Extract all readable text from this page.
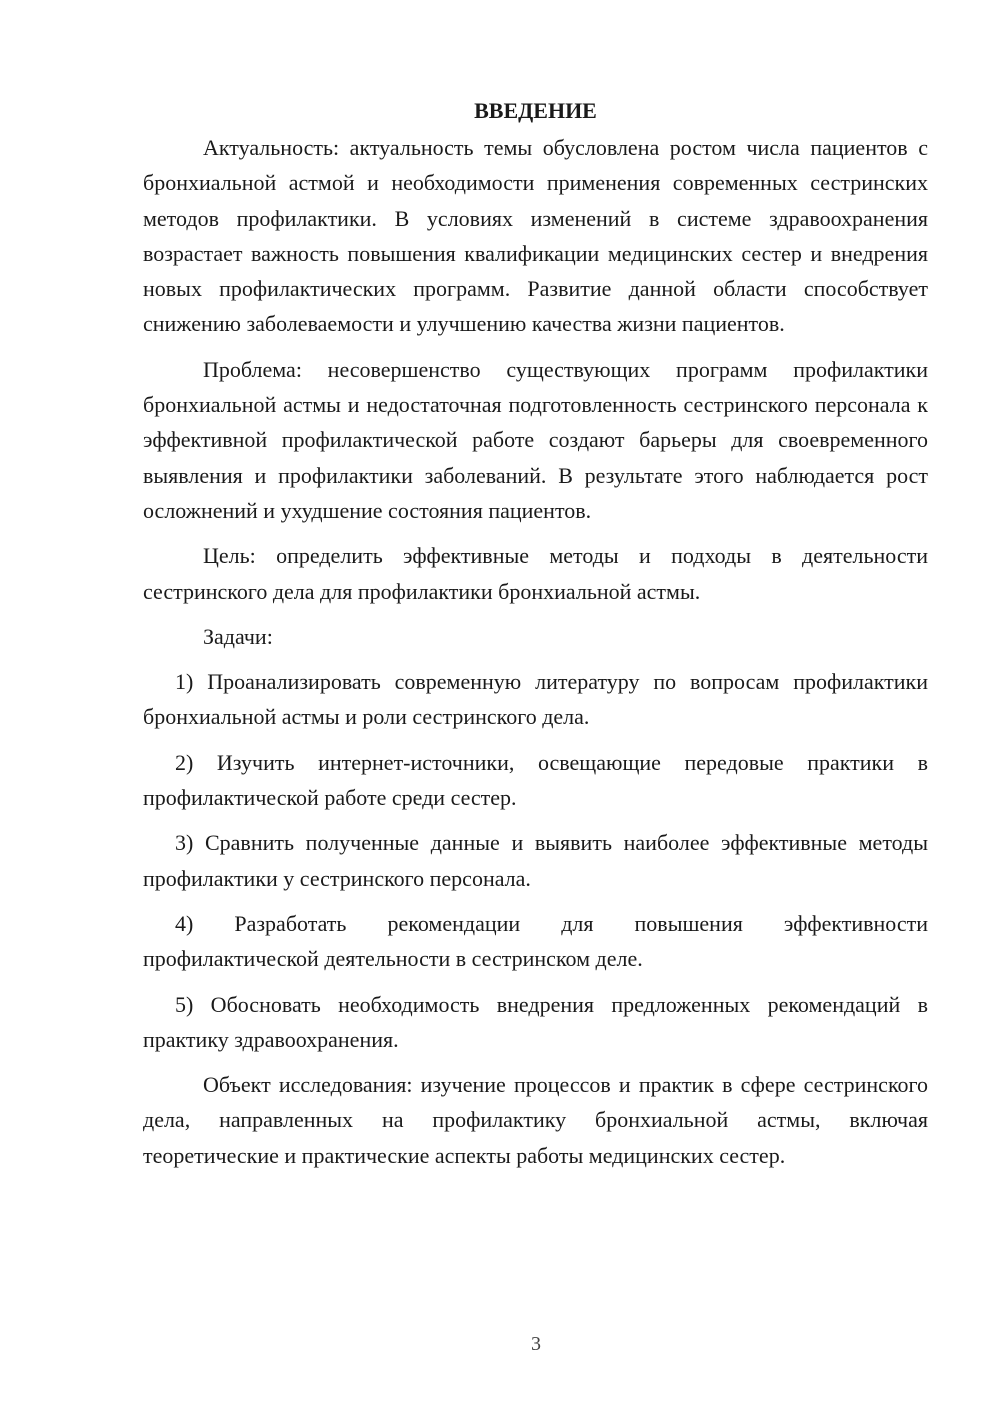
ВВЕДЕНИЕ

Актуальность: актуальность темы обусловлена ростом числа пациентов с бронхиальной астмой и необходимости применения современных сестринских методов профилактики. В условиях изменений в системе здравоохранения возрастает важность повышения квалификации медицинских сестер и внедрения новых профилактических программ. Развитие данной области способствует снижению заболеваемости и улучшению качества жизни пациентов.

Проблема: несовершенство существующих программ профилактики бронхиальной астмы и недостаточная подготовленность сестринского персонала к эффективной профилактической работе создают барьеры для своевременного выявления и профилактики заболеваний. В результате этого наблюдается рост осложнений и ухудшение состояния пациентов.

Цель: определить эффективные методы и подходы в деятельности сестринского дела для профилактики бронхиальной астмы.

Задачи:

1) Проанализировать современную литературу по вопросам профилактики бронхиальной астмы и роли сестринского дела.

2) Изучить интернет-источники, освещающие передовые практики в профилактической работе среди сестер.

3) Сравнить полученные данные и выявить наиболее эффективные методы профилактики у сестринского персонала.

4) Разработать рекомендации для повышения эффективности профилактической деятельности в сестринском деле.

5) Обосновать необходимость внедрения предложенных рекомендаций в практику здравоохранения.

Объект исследования: изучение процессов и практик в сфере сестринского дела, направленных на профилактику бронхиальной астмы, включая теоретические и практические аспекты работы медицинских сестер.

3
